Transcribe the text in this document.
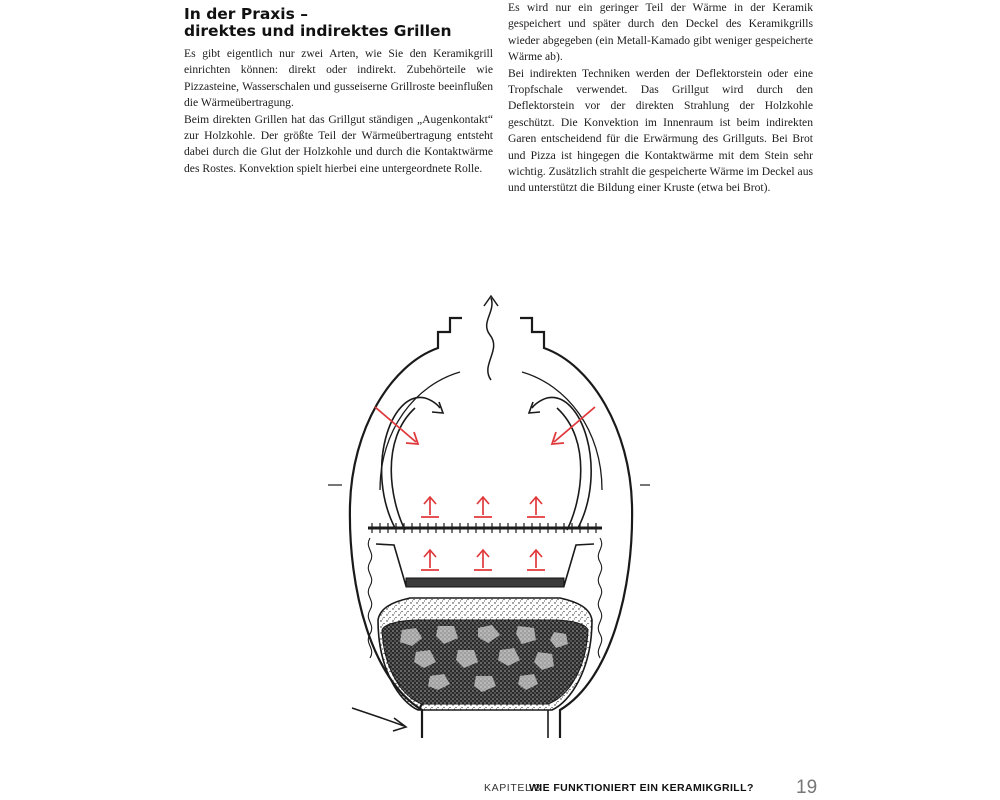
In der Praxis –
direktes und indirektes Grillen

Es gibt eigentlich nur zwei Arten, wie Sie den Keramikgrill einrichten können: direkt oder indirekt. Zubehörteile wie Pizzasteine, Wasserschalen und gusseiserne Grillroste beeinflußen die Wärmeübertragung.

Beim direkten Grillen hat das Grillgut ständigen „Augenkontakt“ zur Holzkohle. Der größte Teil der Wärmeübertragung entsteht dabei durch die Glut der Holzkohle und durch die Kontaktwärme des Rostes. Konvektion spielt hierbei eine untergeordnete Rolle.

Es wird nur ein geringer Teil der Wärme in der Keramik gespeichert und später durch den Deckel des Keramikgrills wieder abgegeben (ein Metall-Kamado gibt weniger gespeicherte Wärme ab).

Bei indirekten Techniken werden der Deflektorstein oder eine Tropfschale verwendet. Das Grillgut wird durch den Deflektorstein vor der direkten Strahlung der Holzkohle geschützt. Die Konvektion im Innenraum ist beim indirekten Garen entscheidend für die Erwärmung des Grillguts. Bei Brot und Pizza ist hingegen die Kontaktwärme mit dem Stein sehr wichtig. Zusätzlich strahlt die gespeicherte Wärme im Deckel aus und unterstützt die Bildung einer Kruste (etwa bei Brot).

KAPITEL 3
WIE FUNKTIONIERT EIN KERAMIKGRILL? 19
